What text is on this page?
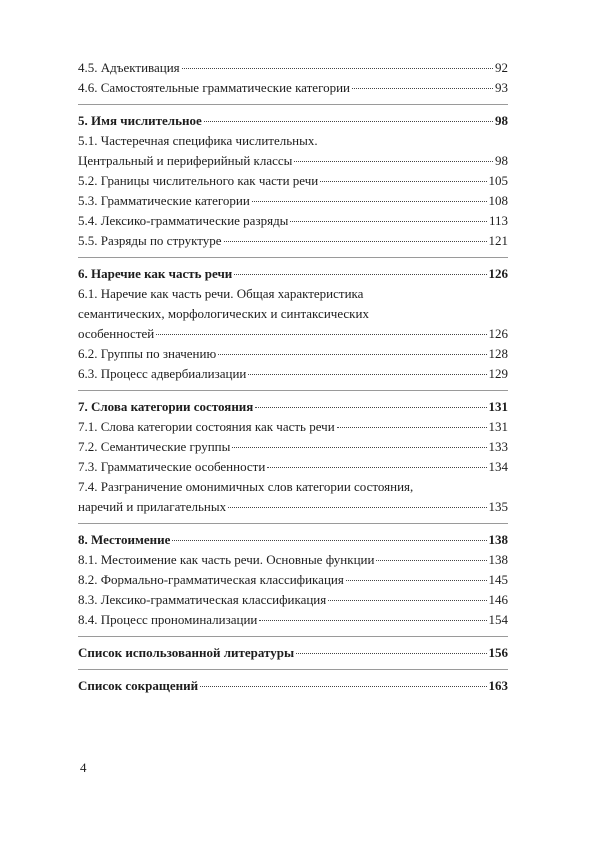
4.5. Адъективация	92
4.6. Самостоятельные грамматические категории	93
5. Имя числительное	98
5.1. Частеречная специфика числительных.
Центральный и периферийный классы	98
5.2. Границы числительного как части речи	105
5.3. Грамматические категории	108
5.4. Лексико-грамматические разряды	113
5.5. Разряды по структуре	121
6. Наречие как часть речи	126
6.1. Наречие как часть речи. Общая характеристика
семантических, морфологических и синтаксических
особенностей	126
6.2. Группы по значению	128
6.3. Процесс адвербиализации	129
7. Слова категории состояния	131
7.1. Слова категории состояния как часть речи	131
7.2. Семантические группы	133
7.3. Грамматические особенности	134
7.4. Разграничение омонимичных слов категории состояния,
наречий и прилагательных	135
8. Местоимение	138
8.1. Местоимение как часть речи. Основные функции	138
8.2. Формально-грамматическая классификация	145
8.3. Лексико-грамматическая классификация	146
8.4. Процесс прономинализации	154
Список использованной литературы	156
Список сокращений	163
4
